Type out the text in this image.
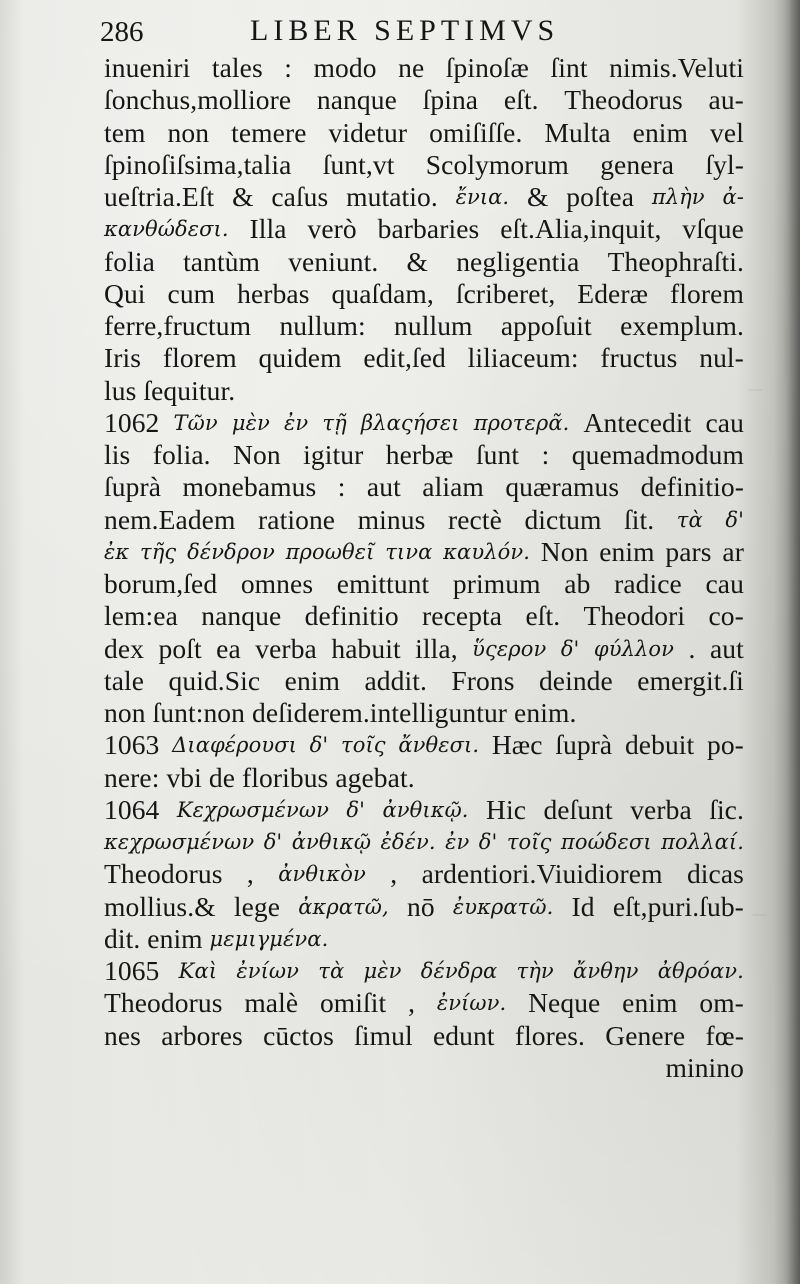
—
—
286	LIBER SEPTIMVS
inueniri tales : modo ne ſpinoſæ ſint nimis.Veluti
ſonchus,molliore nanque ſpina eſt. Theodorus au-
tem non temere videtur omiſiſſe. Multa enim vel
ſpinoſiſsima,talia ſunt,vt Scolymorum genera ſyl-
ueſtria.Eſt & caſus mutatio. ἔνια. & poſtea πλὴν ἀ-
κανθώδεσι. Illa verò barbaries eſt.Alia,inquit, vſque
folia tantùm veniunt. & negligentia Theophraſti.
Qui cum herbas quaſdam, ſcriberet, Ederæ florem
ferre,fructum nullum: nullum appoſuit exemplum.
Iris florem quidem edit,ſed liliaceum: fructus nul-
lus ſequitur.
1062 Τῶν μὲν ἐν τῇ βλαςήσει προτερᾶ. Antecedit cau
lis folia. Non igitur herbæ ſunt : quemadmodum
ſuprà monebamus : aut aliam quæramus definitio-
nem.Eadem ratione minus rectè dictum ſit. τὰ δ'
ἐκ τῆς δένδρον προωθεῖ τινα καυλόν. Non enim pars ar
borum,ſed omnes emittunt primum ab radice cau
lem:ea nanque definitio recepta eſt. Theodori co-
dex poſt ea verba habuit illa, ὕςερον δ' φύλλον . aut
tale quid.Sic enim addit. Frons deinde emergit.ſi
non ſunt:non deſiderem.intelliguntur enim.
1063 Διαφέρουσι δ' τοῖς ἄνθεσι. Hæc ſuprà debuit po-
nere: vbi de floribus agebat.
1064 Κεχρωσμένων δ' ἀνθικῷ. Hic deſunt verba ſic.
κεχρωσμένων δ' ἀνθικῷ ἐδέν. ἐν δ' τοῖς ποώδεσι πολλαί.
Theodorus , ἀνθικὸν , ardentiori.Viuidiorem dicas
mollius.& lege ἀκρατῶ, nō ἐυκρατῶ. Id eſt,puri.ſub-
dit. enim μεμιγμένα.
1065 Καὶ ἐνίων τὰ μὲν δένδρα τὴν ἄνθην ἀθρόαν.
Theodorus malè omiſit , ἐνίων. Neque enim om-
nes arbores cūctos ſimul edunt flores. Genere fœ-
minino
